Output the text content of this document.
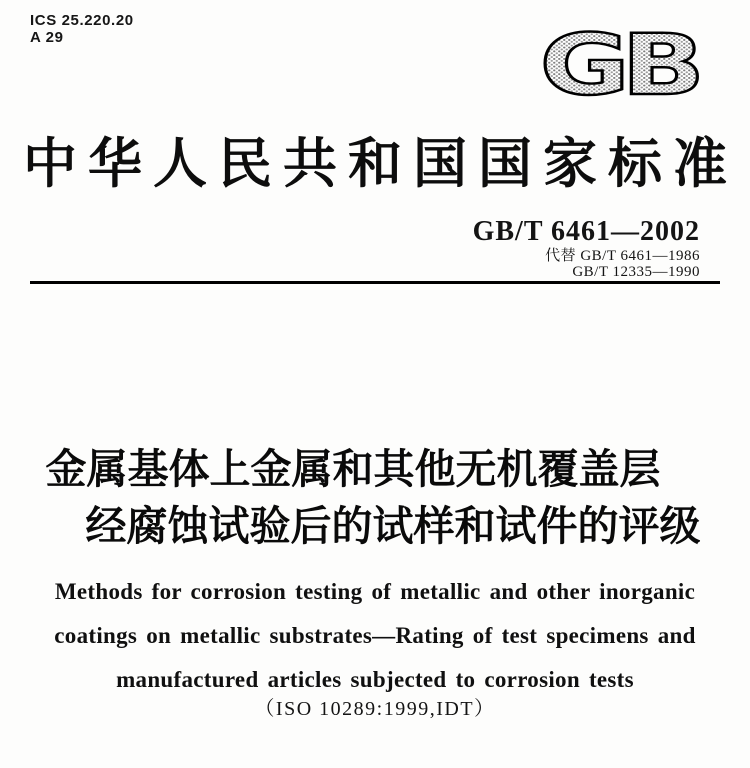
ICS 25.220.20
A 29	GB
中华人民共和国国家标准
GB/T 6461—2002
代替 GB/T 6461—1986
GB/T 12335—1990
金属基体上金属和其他无机覆盖层
经腐蚀试验后的试样和试件的评级
Methods for corrosion testing of metallic and other inorganic
coatings on metallic substrates—Rating of test specimens and
manufactured articles subjected to corrosion tests
（ISO 10289:1999,IDT）
